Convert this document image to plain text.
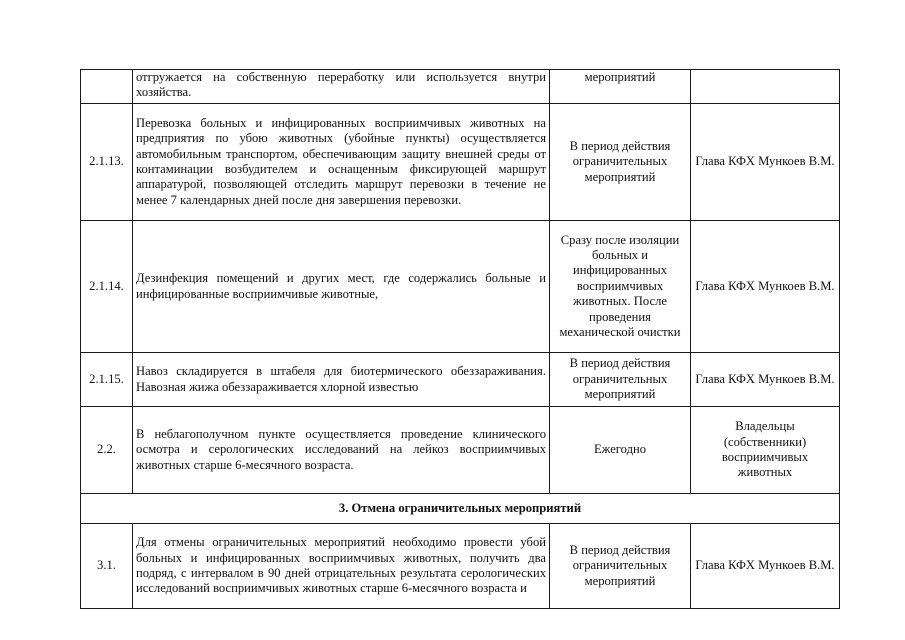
	отгружается на собственную переработку или используется внутри хозяйства.	мероприятий	
2.1.13.	Перевозка больных и инфицированных восприимчивых животных на предприятия по убою животных (убойные пункты) осуществляется автомобильным транспортом, обеспечивающим защиту внешней среды от контаминации возбудителем и оснащенным фиксирующей маршрут аппаратурой, позволяющей отследить маршрут перевозки в течение не менее 7 календарных дней после дня завершения перевозки.	В период действия ограничительных мероприятий	Глава КФХ Мункоев В.М.
2.1.14.	Дезинфекция помещений и других мест, где содержались больные и инфицированные восприимчивые животные,	Сразу после изоляции больных и инфицированных восприимчивых животных. После проведения механической очистки	Глава КФХ Мункоев В.М.
2.1.15.	Навоз складируется в штабеля для биотермического обеззараживания. Навозная жижа обеззараживается хлорной известью	В период действия ограничительных мероприятий	Глава КФХ Мункоев В.М.
2.2.	В неблагополучном пункте осуществляется проведение клинического осмотра и серологических исследований на лейкоз восприимчивых животных старше 6-месячного возраста.	Ежегодно	Владельцы (собственники) восприимчивых животных
3. Отмена ограничительных мероприятий			
3.1.	Для отмены ограничительных мероприятий необходимо провести убой больных и инфицированных восприимчивых животных, получить два подряд, с интервалом в 90 дней отрицательных результата серологических исследований восприимчивых животных старше 6-месячного возраста и	В период действия ограничительных мероприятий	Глава КФХ Мункоев В.М.
